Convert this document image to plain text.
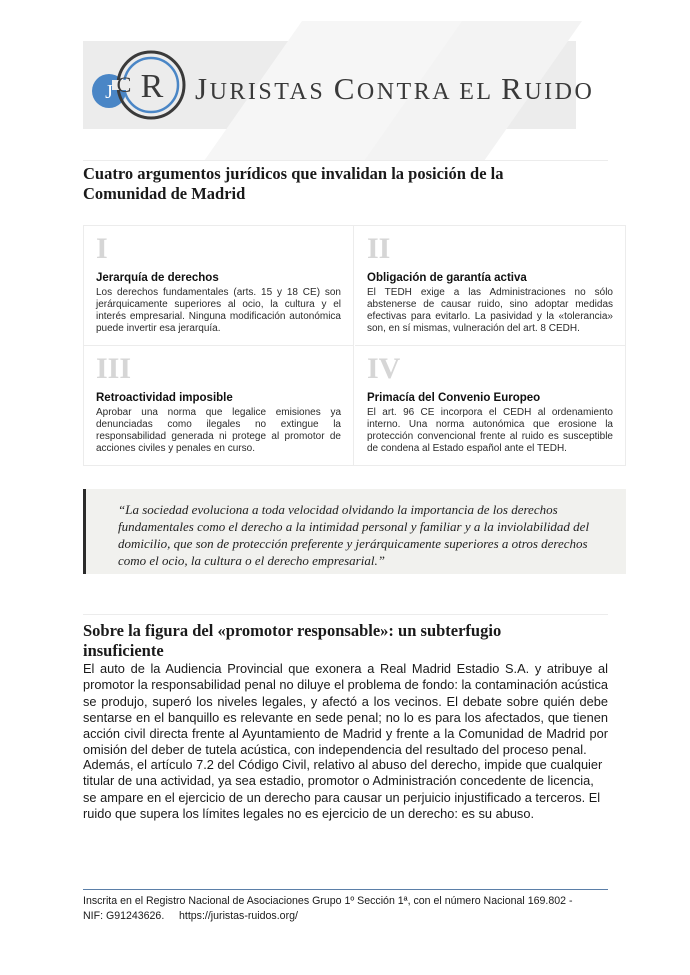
J C R JURISTAS CONTRA EL RUIDO
Cuatro argumentos jurídicos que invalidan la posición de la Comunidad de Madrid
I
Jerarquía de derechos
Los derechos fundamentales (arts. 15 y 18 CE) son jerárquicamente superiores al ocio, la cultura y el interés empresarial. Ninguna modificación autonómica puede invertir esa jerarquía.
II
Obligación de garantía activa
El TEDH exige a las Administraciones no sólo abstenerse de causar ruido, sino adoptar medidas efectivas para evitarlo. La pasividad y la «tolerancia» son, en sí mismas, vulneración del art. 8 CEDH.
III
Retroactividad imposible
Aprobar una norma que legalice emisiones ya denunciadas como ilegales no extingue la responsabilidad generada ni protege al promotor de acciones civiles y penales en curso.
IV
Primacía del Convenio Europeo
El art. 96 CE incorpora el CEDH al ordenamiento interno. Una norma autonómica que erosione la protección convencional frente al ruido es susceptible de condena al Estado español ante el TEDH.
“La sociedad evoluciona a toda velocidad olvidando la importancia de los derechos fundamentales como el derecho a la intimidad personal y familiar y a la inviolabilidad del domicilio, que son de protección preferente y jerárquicamente superiores a otros derechos como el ocio, la cultura o el derecho empresarial.”
Sobre la figura del «promotor responsable»: un subterfugio insuficiente

El auto de la Audiencia Provincial que exonera a Real Madrid Estadio S.A. y atribuye al promotor la responsabilidad penal no diluye el problema de fondo: la contaminación acústica se produjo, superó los niveles legales, y afectó a los vecinos. El debate sobre quién debe sentarse en el banquillo es relevante en sede penal; no lo es para los afectados, que tienen acción civil directa frente al Ayuntamiento de Madrid y frente a la Comunidad de Madrid por omisión del deber de tutela acústica, con independencia del resultado del proceso penal.

Además, el artículo 7.2 del Código Civil, relativo al abuso del derecho, impide que cualquier titular de una actividad, ya sea estadio, promotor o Administración concedente de licencia, se ampare en el ejercicio de un derecho para causar un perjuicio injustificado a terceros. El ruido que supera los límites legales no es ejercicio de un derecho: es su abuso.

Inscrita en el Registro Nacional de Asociaciones Grupo 1º Sección 1ª, con el número Nacional 169.802 -
NIF: G91243626. https://juristas-ruidos.org/
